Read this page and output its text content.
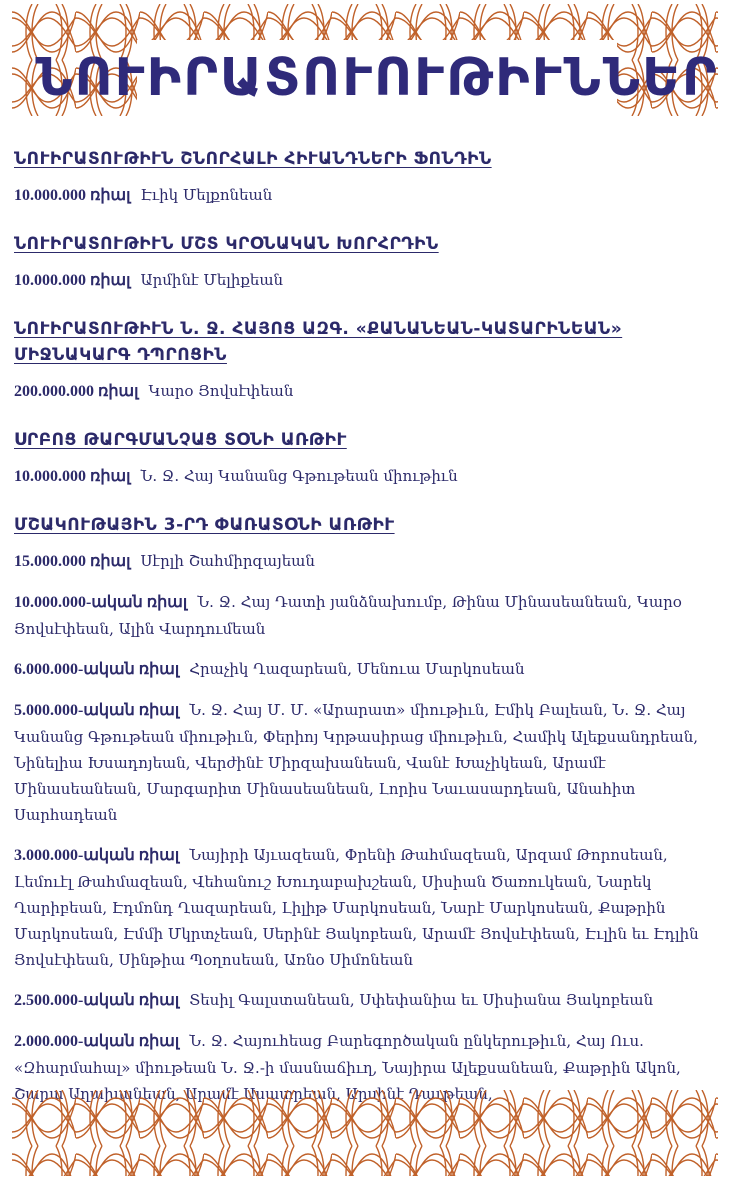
ՆՈՒԻՐԱՏՈՒՈՒԹԻՒՆՆԵՐ

ՆՈՒԻՐԱՏՈՒԹԻՒՆ ՇՆՈՐՀԱԼԻ ՀԻՒԱՆԴՆԵՐԻ ՖՈՆԴԻՆ

10.000.000 ռիալ Էւիկ Մելքոնեան

ՆՈՒԻՐԱՏՈՒԹԻՒՆ ՄՇՏ ԿՐՕՆԱԿԱՆ ԽՈՐՀՐԴԻՆ

10.000.000 ռիալ Արմինէ Մելիքեան

ՆՈՒԻՐԱՏՈՒԹԻՒՆ Ն. Ջ. ՀԱՅՈՑ ԱԶԳ. «ՔԱՆԱՆԵԱՆ-ԿԱՏԱՐԻՆԵԱՆ» ՄԻՋՆԱԿԱՐԳ ԴՊՐՈՑԻՆ

200.000.000 ռիալ Կարօ Յովսէփեան

ՍՐԲՈՑ ԹԱՐԳՄԱՆՉԱՑ ՏՕՆԻ ԱՌԹԻՒ

10.000.000 ռիալ Ն. Ջ. Հայ Կանանց Գթութեան միութիւն

ՄՇԱԿՈՒԹԱՅԻՆ 3-ՐԴ ՓԱՌԱՏՕՆԻ ԱՌԹԻՒ

15.000.000 ռիալ Սէրլի Շահմիրզայեան

10.000.000-ական ռիալ Ն. Ջ. Հայ Դատի յանձնախումբ, Թինա Մինասեանեան, Կարօ Յովսէփեան, Ալին Վարդումեան

6.000.000-ական ռիալ Հրաչիկ Ղազարեան, Մենուա Մարկոսեան

5.000.000-ական ռիալ Ն. Ջ. Հայ Մ. Մ. «Արարատ» միութիւն, Էմիկ Բալեան, Ն. Ջ. Հայ Կանանց Գթութեան միութիւն, Փերիոյ Կրթասիրաց միութիւն, Համիկ Ալեքսանդրեան, Նինելիա Խսադոյեան, Վերժինէ Միրզախանեան, Վանէ Խաչիկեան, Արամէ Մինասեանեան, Մարգարիտ Մինասեանեան, Լորիս Նաւասարդեան, Անահիտ Սարհադեան

3.000.000-ական ռիալ Նայիրի Այւազեան, Փրենի Թահմազեան, Արզամ Թորոսեան, Լեմուէլ Թահմազեան, Վեհանուշ Խուդաբախշեան, Սիսիան Ծառուկեան, Նարեկ Ղարիբեան, Էդմոնդ Ղազարեան, Լիլիթ Մարկոսեան, Նարէ Մարկոսեան, Քաթրին Մարկոսեան, Էմմի Մկրտչեան, Սերինէ Յակոբեան, Արամէ Յովսէփեան, Էւլին եւ Էդլին Յովսէփեան, Սինթիա Պօղոսեան, Առնօ Սիմոնեան

2.500.000-ական ռիալ Տեսիլ Գալստանեան, Սփեփանիա եւ Սիսիանա Յակոբեան

2.000.000-ական ռիալ Ն. Ջ. Հայուհեաց Բարեգործական ընկերութիւն, Հայ Ուս. «Զհարմահալ» միութեան Ն. Ջ.-ի մասնաճիւղ, Նայիրա Ալեքսանեան, Քաթրին Ակոն,
